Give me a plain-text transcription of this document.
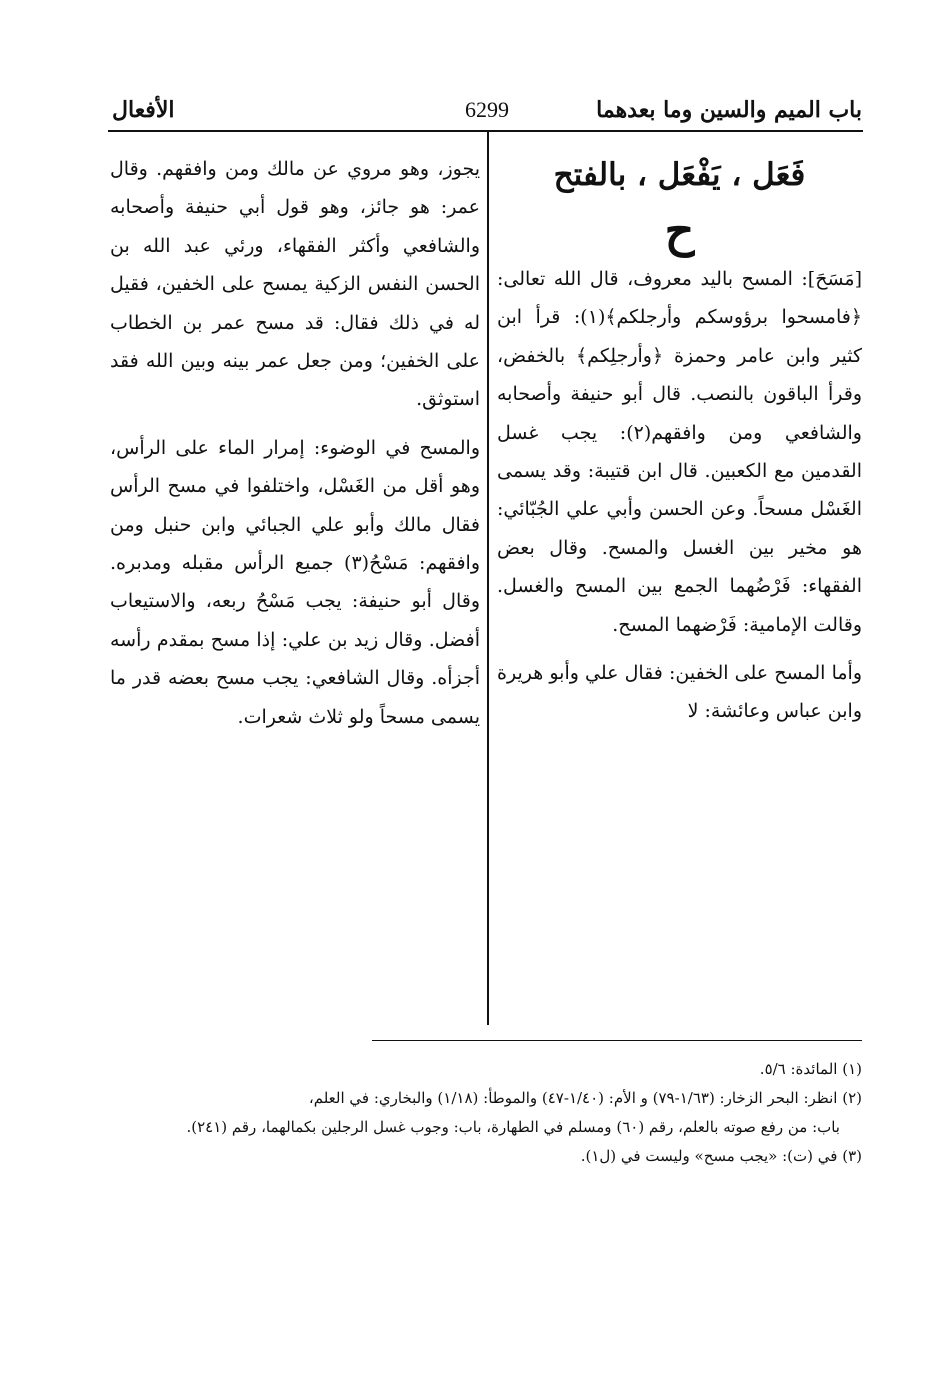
باب الميم والسين وما بعدهما
6299
الأفعال

فَعَل ، يَفْعَل ، بالفتح

ح

[مَسَحَ]: المسح باليد معروف، قال الله تعالى: ﴿فامسحوا برؤوسكم وأرجلكم﴾(١): قرأ ابن كثير وابن عامر وحمزة ﴿وأرجلِكم﴾ بالخفض، وقرأ الباقون بالنصب. قال أبو حنيفة وأصحابه والشافعي ومن وافقهم(٢): يجب غسل القدمين مع الكعبين. قال ابن قتيبة: وقد يسمى الغَسْل مسحاً. وعن الحسن وأبي علي الجُبّائي: هو مخير بين الغسل والمسح. وقال بعض الفقهاء: فَرْضُهما الجمع بين المسح والغسل. وقالت الإمامية: فَرْضهما المسح.

وأما المسح على الخفين: فقال علي وأبو هريرة وابن عباس وعائشة: لا

يجوز، وهو مروي عن مالك ومن وافقهم. وقال عمر: هو جائز، وهو قول أبي حنيفة وأصحابه والشافعي وأكثر الفقهاء، ورئي عبد الله بن الحسن النفس الزكية يمسح على الخفين، فقيل له في ذلك فقال: قد مسح عمر بن الخطاب على الخفين؛ ومن جعل عمر بينه وبين الله فقد استوثق.

والمسح في الوضوء: إمرار الماء على الرأس، وهو أقل من الغَسْل، واختلفوا في مسح الرأس فقال مالك وأبو علي الجبائي وابن حنبل ومن وافقهم: مَسْحُ(٣) جميع الرأس مقبله ومدبره. وقال أبو حنيفة: يجب مَسْحُ ربعه، والاستيعاب أفضل. وقال زيد بن علي: إذا مسح بمقدم رأسه أجزأه. وقال الشافعي: يجب مسح بعضه قدر ما يسمى مسحاً ولو ثلاث شعرات.

(١) المائدة: ٥/٦.

(٢) انظر: البحر الزخار: (١/٦٣-٧٩) و الأم: (١/٤٠-٤٧) والموطأ: (١/١٨) والبخاري: في العلم،

باب: من رفع صوته بالعلم، رقم (٦٠) ومسلم في الطهارة، باب: وجوب غسل الرجلين بكمالهما، رقم (٢٤١).

(٣) في (ت): «يجب مسح» وليست في (ل١).
